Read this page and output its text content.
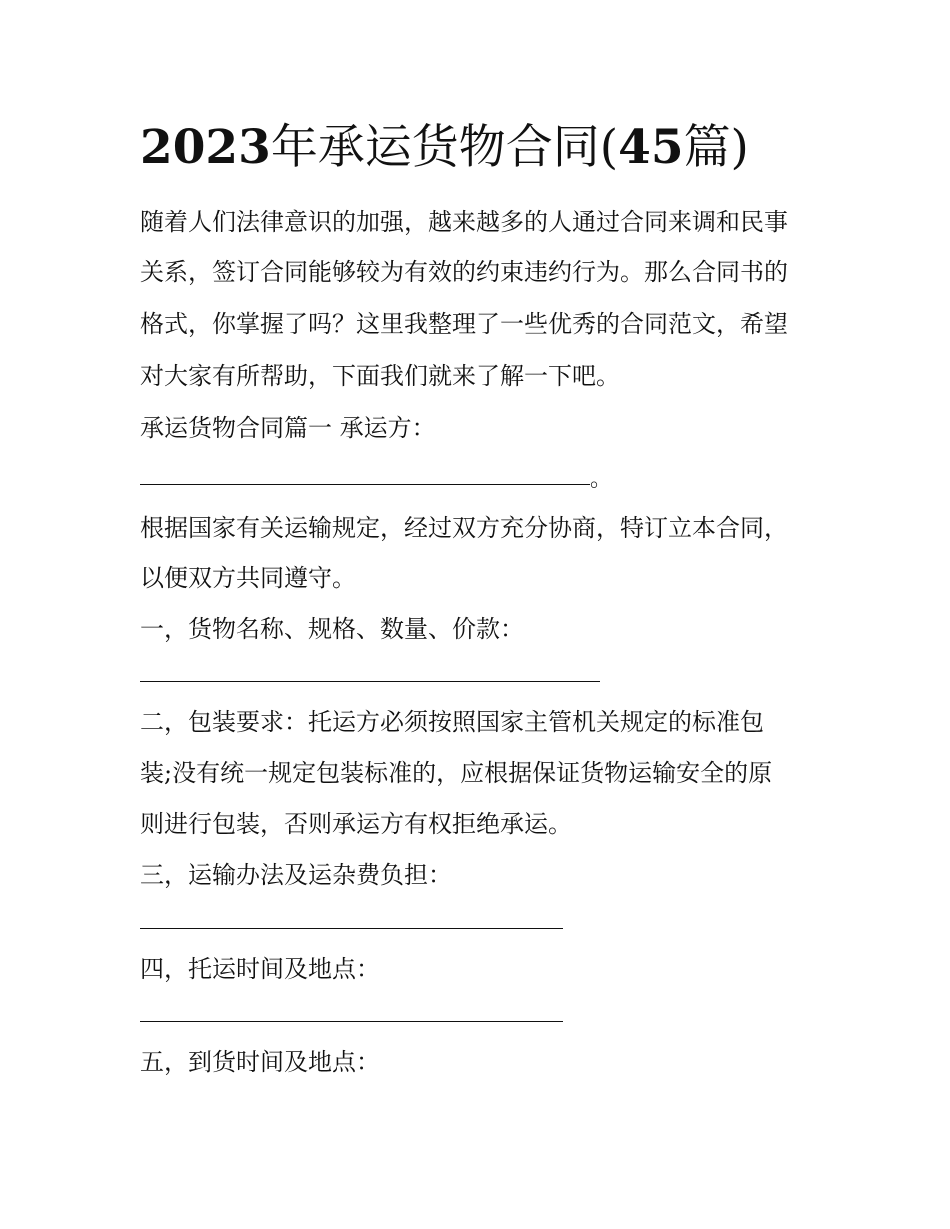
2023年承运货物合同(45篇)

随着人们法律意识的加强，越来越多的人通过合同来调和民事

关系，签订合同能够较为有效的约束违约行为。那么合同书的

格式，你掌握了吗？这里我整理了一些优秀的合同范文，希望

对大家有所帮助，下面我们就来了解一下吧。

承运货物合同篇一 承运方：

。

根据国家有关运输规定，经过双方充分协商，特订立本合同，

以便双方共同遵守。

一，货物名称、规格、数量、价款：

二，包装要求：托运方必须按照国家主管机关规定的标准包

装;没有统一规定包装标准的，应根据保证货物运输安全的原

则进行包装，否则承运方有权拒绝承运。

三，运输办法及运杂费负担：

四，托运时间及地点：

五，到货时间及地点：
